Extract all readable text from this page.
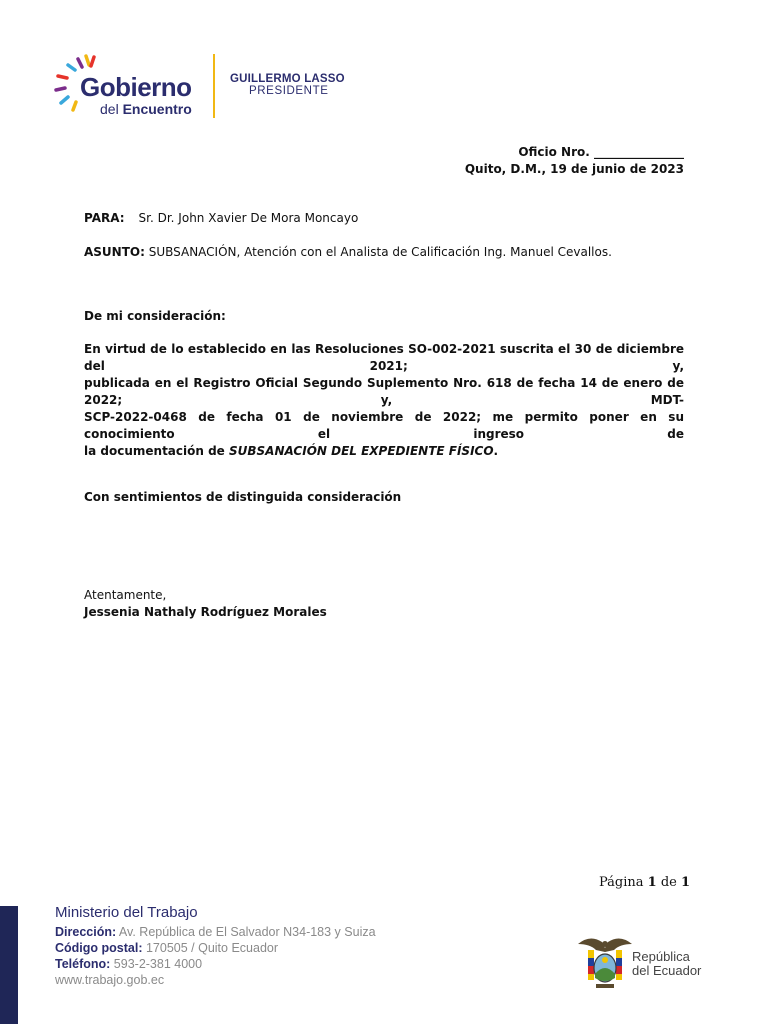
Gobierno
del Encuentro
GUILLERMO LASSO
PRESIDENTE
Oficio Nro. _______________
Quito, D.M., 19 de junio de 2023
PARA: Sr. Dr. John Xavier De Mora Moncayo
ASUNTO: SUBSANACIÓN, Atención con el Analista de Calificación Ing. Manuel Cevallos.
De mi consideración:
En virtud de lo establecido en las Resoluciones SO-002-2021 suscrita el 30 de diciembre del 2021; y,
publicada en el Registro Oficial Segundo Suplemento Nro. 618 de fecha 14 de enero de 2022; y, MDT-
SCP-2022-0468 de fecha 01 de noviembre de 2022; me permito poner en su conocimiento el ingreso de
la documentación de SUBSANACIÓN DEL EXPEDIENTE FÍSICO.
Con sentimientos de distinguida consideración
Atentamente,
Jessenia Nathaly Rodríguez Morales
Página 1 de 1
Ministerio del Trabajo
Dirección: Av. República de El Salvador N34-183 y Suiza
Código postal: 170505 / Quito Ecuador
Teléfono: 593-2-381 4000
www.trabajo.gob.ec
República
del Ecuador
